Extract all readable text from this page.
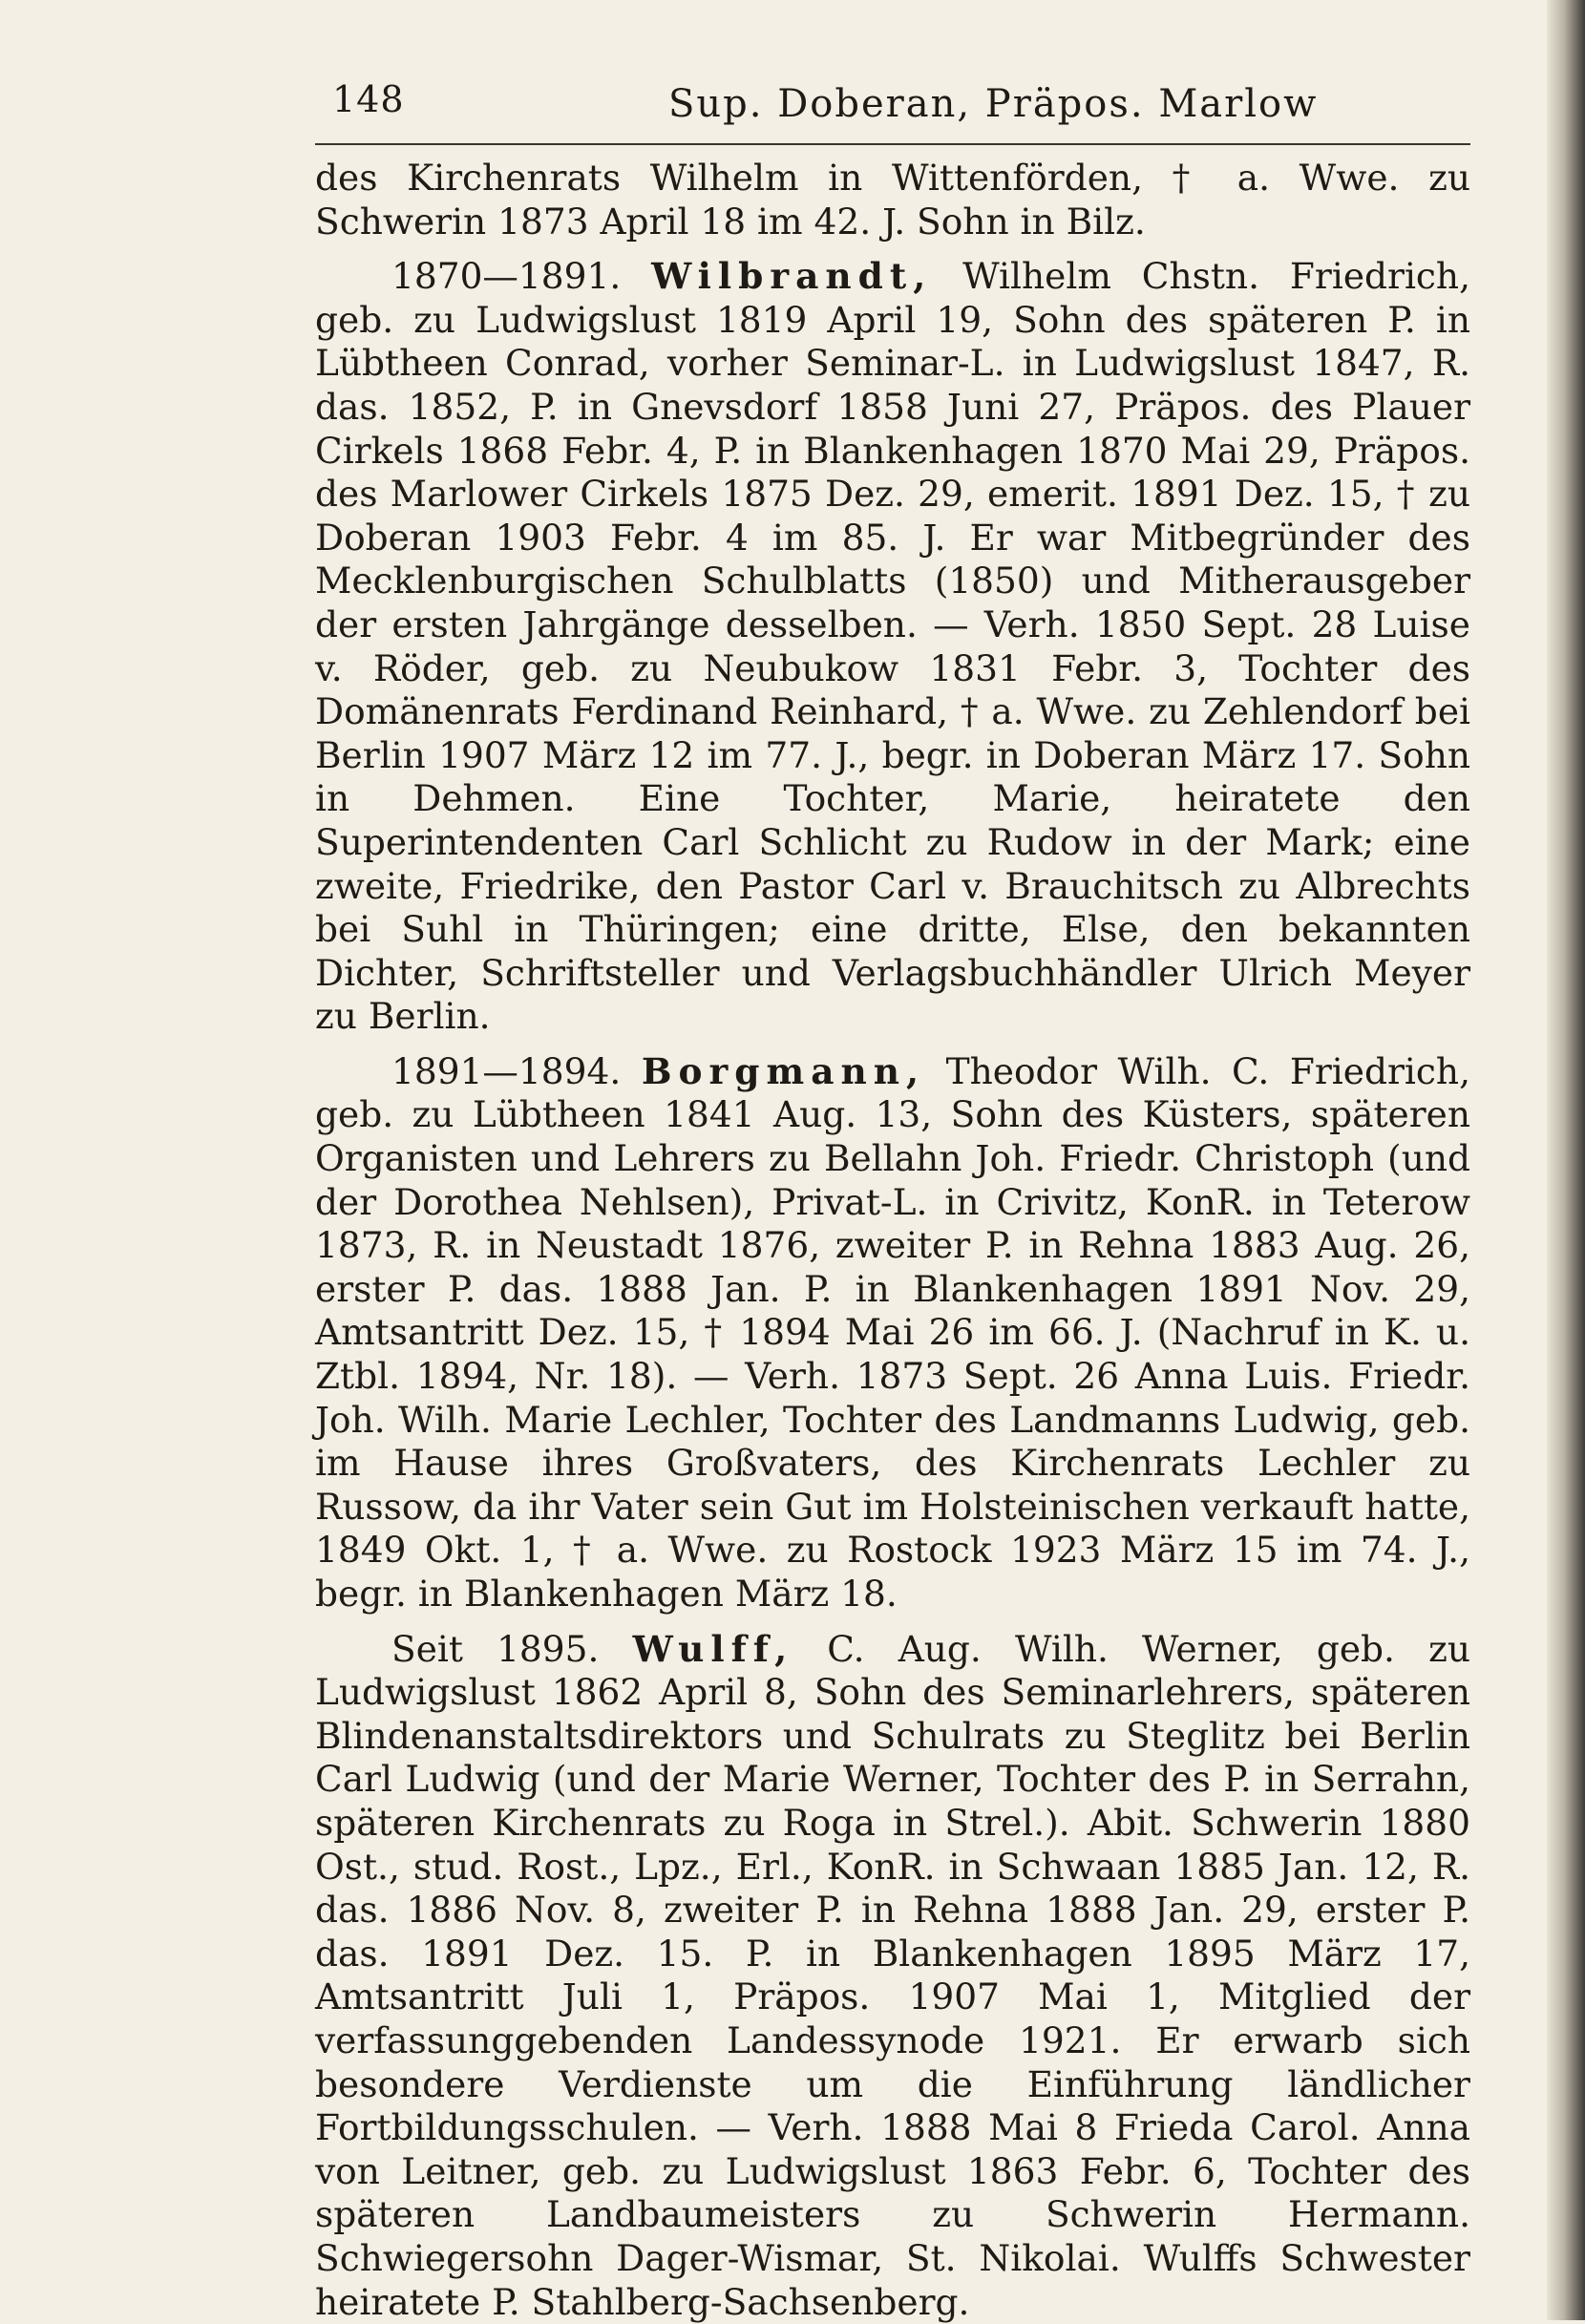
148	Sup. Doberan, Präpos. Marlow

des Kirchenrats Wilhelm in Wittenförden, † a. Wwe. zu Schwerin 1873 April 18 im 42. J. Sohn in Bilz.

1870—1891. Wilbrandt, Wilhelm Chstn. Friedrich, geb. zu Ludwigslust 1819 April 19, Sohn des späteren P. in Lübtheen Conrad, vorher Seminar-L. in Ludwigslust 1847, R. das. 1852, P. in Gnevsdorf 1858 Juni 27, Präpos. des Plauer Cirkels 1868 Febr. 4, P. in Blankenhagen 1870 Mai 29, Präpos. des Marlower Cirkels 1875 Dez. 29, emerit. 1891 Dez. 15, † zu Doberan 1903 Febr. 4 im 85. J. Er war Mitbegründer des Mecklenburgischen Schulblatts (1850) und Mitherausgeber der ersten Jahrgänge desselben. — Verh. 1850 Sept. 28 Luise v. Röder, geb. zu Neubukow 1831 Febr. 3, Tochter des Domänenrats Ferdinand Reinhard, † a. Wwe. zu Zehlendorf bei Berlin 1907 März 12 im 77. J., begr. in Doberan März 17. Sohn in Dehmen. Eine Tochter, Marie, heiratete den Superintendenten Carl Schlicht zu Rudow in der Mark; eine zweite, Friedrike, den Pastor Carl v. Brauchitsch zu Albrechts bei Suhl in Thüringen; eine dritte, Else, den bekannten Dichter, Schriftsteller und Verlagsbuchhändler Ulrich Meyer zu Berlin.

1891—1894. Borgmann, Theodor Wilh. C. Friedrich, geb. zu Lübtheen 1841 Aug. 13, Sohn des Küsters, späteren Organisten und Lehrers zu Bellahn Joh. Friedr. Christoph (und der Dorothea Nehlsen), Privat-L. in Crivitz, KonR. in Teterow 1873, R. in Neustadt 1876, zweiter P. in Rehna 1883 Aug. 26, erster P. das. 1888 Jan. P. in Blankenhagen 1891 Nov. 29, Amtsantritt Dez. 15, † 1894 Mai 26 im 66. J. (Nachruf in K. u. Ztbl. 1894, Nr. 18). — Verh. 1873 Sept. 26 Anna Luis. Friedr. Joh. Wilh. Marie Lechler, Tochter des Landmanns Ludwig, geb. im Hause ihres Großvaters, des Kirchenrats Lechler zu Russow, da ihr Vater sein Gut im Holsteinischen verkauft hatte, 1849 Okt. 1, † a. Wwe. zu Rostock 1923 März 15 im 74. J., begr. in Blankenhagen März 18.

Seit 1895. Wulff, C. Aug. Wilh. Werner, geb. zu Ludwigslust 1862 April 8, Sohn des Seminarlehrers, späteren Blindenanstaltsdirektors und Schulrats zu Steglitz bei Berlin Carl Ludwig (und der Marie Werner, Tochter des P. in Serrahn, späteren Kirchenrats zu Roga in Strel.). Abit. Schwerin 1880 Ost., stud. Rost., Lpz., Erl., KonR. in Schwaan 1885 Jan. 12, R. das. 1886 Nov. 8, zweiter P. in Rehna 1888 Jan. 29, erster P. das. 1891 Dez. 15. P. in Blankenhagen 1895 März 17, Amtsantritt Juli 1, Präpos. 1907 Mai 1, Mitglied der verfassunggebenden Landessynode 1921. Er erwarb sich besondere Verdienste um die Einführung ländlicher Fortbildungsschulen. — Verh. 1888 Mai 8 Frieda Carol. Anna von Leitner, geb. zu Ludwigslust 1863 Febr. 6, Tochter des späteren Landbaumeisters zu Schwerin Hermann. Schwiegersohn Dager-Wismar, St. Nikolai. Wulffs Schwester heiratete P. Stahlberg-Sachsenberg.
